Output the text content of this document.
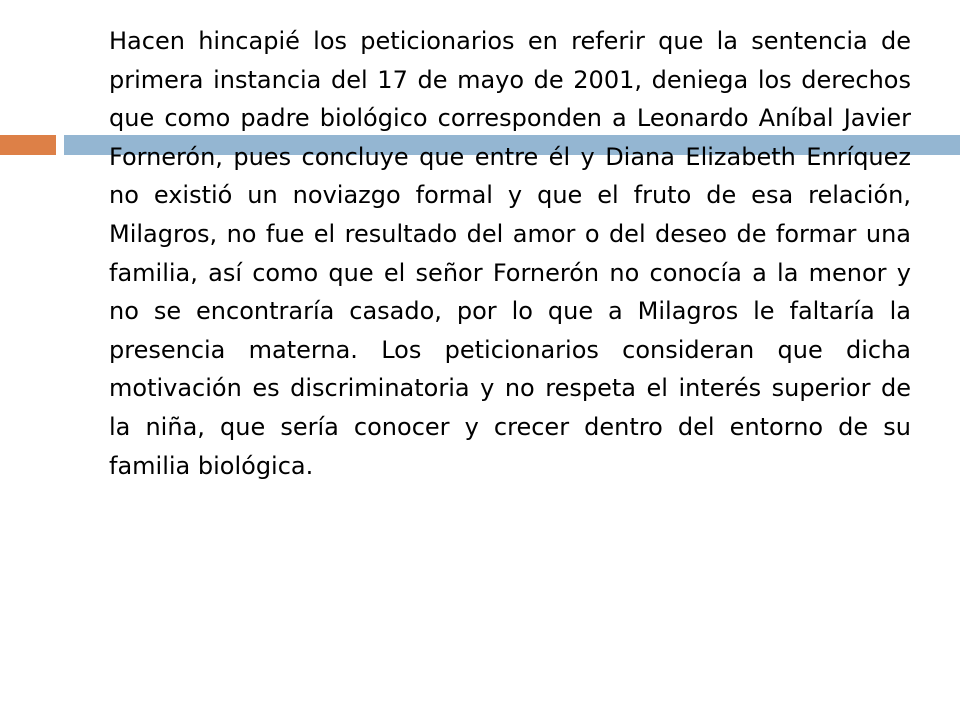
Hacen hincapié los peticionarios en referir que la sentencia de primera instancia del 17 de mayo de 2001, deniega los derechos que como padre biológico corresponden a Leonardo Aníbal Javier Fornerón, pues concluye que entre él y Diana Elizabeth Enríquez no existió un noviazgo formal y que el fruto de esa relación, Milagros, no fue el resultado del amor o del deseo de formar una familia, así como que el señor Fornerón no conocía a la menor y no se encontraría casado, por lo que a Milagros le faltaría la presencia materna. Los peticionarios consideran que dicha motivación es discriminatoria y no respeta el interés superior de la niña, que sería conocer y crecer dentro del entorno de su familia biológica.
